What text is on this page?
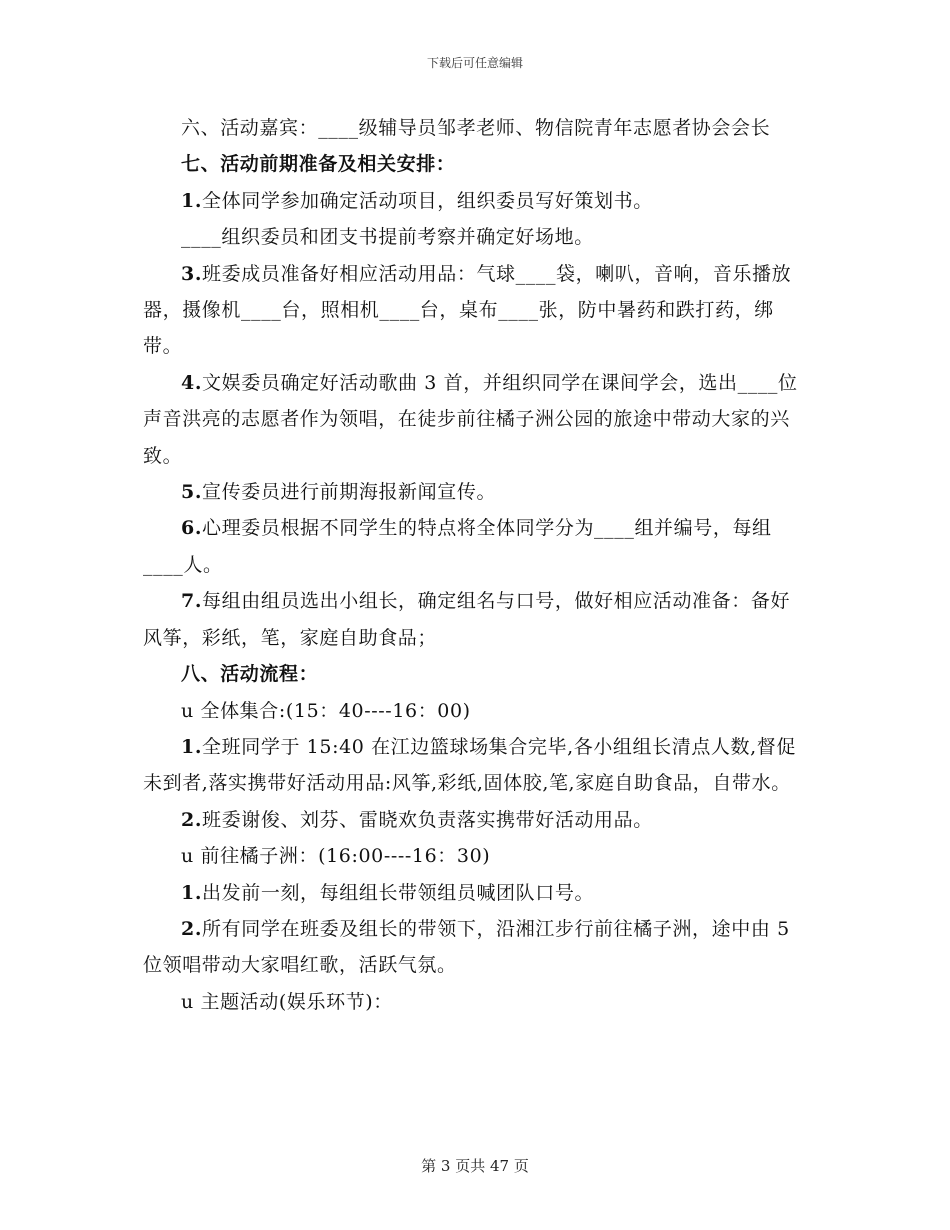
下载后可任意编辑

六、活动嘉宾：____级辅导员邹孝老师、物信院青年志愿者协会会长

七、活动前期准备及相关安排：

1.全体同学参加确定活动项目，组织委员写好策划书。

____组织委员和团支书提前考察并确定好场地。

3.班委成员准备好相应活动用品：气球____袋，喇叭，音响，音乐播放器，摄像机____台，照相机____台，桌布____张，防中暑药和跌打药，绑带。

4.文娱委员确定好活动歌曲 3 首，并组织同学在课间学会，选出____位声音洪亮的志愿者作为领唱，在徒步前往橘子洲公园的旅途中带动大家的兴致。

5.宣传委员进行前期海报新闻宣传。

6.心理委员根据不同学生的特点将全体同学分为____组并编号，每组____人。

7.每组由组员选出小组长，确定组名与口号，做好相应活动准备：备好风筝，彩纸，笔，家庭自助食品；

八、活动流程：

u 全体集合:(15：40----16：00)

1.全班同学于 15:40 在江边篮球场集合完毕,各小组组长清点人数,督促未到者,落实携带好活动用品:风筝,彩纸,固体胶,笔,家庭自助食品，自带水。

2.班委谢俊、刘芬、雷晓欢负责落实携带好活动用品。

u 前往橘子洲：(16:00----16：30)

1.出发前一刻，每组组长带领组员喊团队口号。

2.所有同学在班委及组长的带领下，沿湘江步行前往橘子洲，途中由 5 位领唱带动大家唱红歌，活跃气氛。

u 主题活动(娱乐环节)：

第 3 页共 47 页
